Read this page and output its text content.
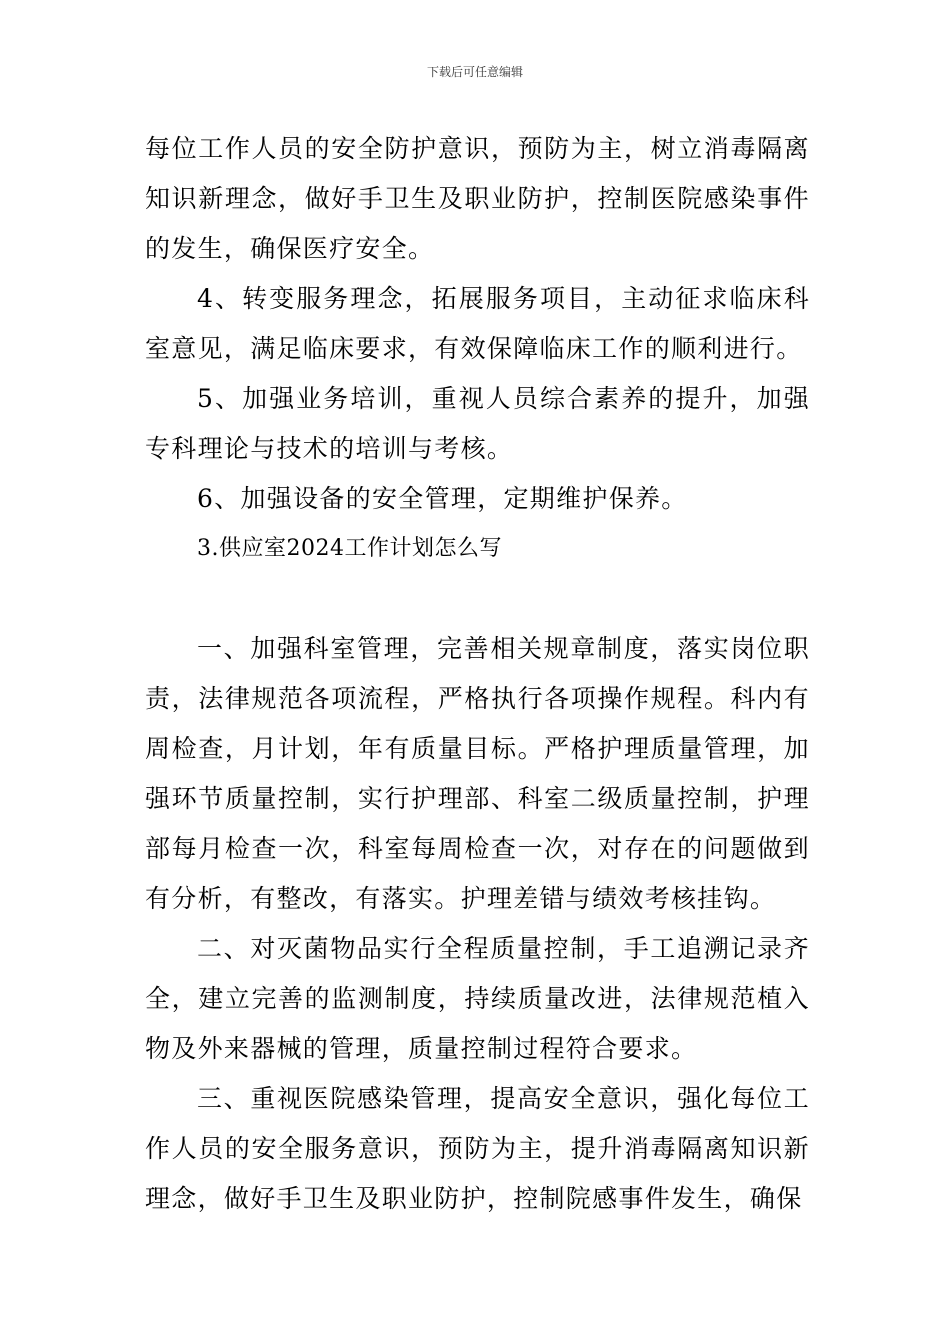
下载后可任意编辑

每位工作人员的安全防护意识，预防为主，树立消毒隔离知识新理念，做好手卫生及职业防护，控制医院感染事件的发生，确保医疗安全。

4、转变服务理念，拓展服务项目，主动征求临床科室意见，满足临床要求，有效保障临床工作的顺利进行。

5、加强业务培训，重视人员综合素养的提升，加强专科理论与技术的培训与考核。

6、加强设备的安全管理，定期维护保养。

3.供应室2024工作计划怎么写

一、加强科室管理，完善相关规章制度，落实岗位职责，法律规范各项流程，严格执行各项操作规程。科内有周检查，月计划，年有质量目标。严格护理质量管理，加强环节质量控制，实行护理部、科室二级质量控制，护理部每月检查一次，科室每周检查一次，对存在的问题做到有分析，有整改，有落实。护理差错与绩效考核挂钩。

二、对灭菌物品实行全程质量控制，手工追溯记录齐全，建立完善的监测制度，持续质量改进，法律规范植入物及外来器械的管理，质量控制过程符合要求。

三、重视医院感染管理，提高安全意识，强化每位工作人员的安全服务意识，预防为主，提升消毒隔离知识新理念，做好手卫生及职业防护，控制院感事件发生，确保
